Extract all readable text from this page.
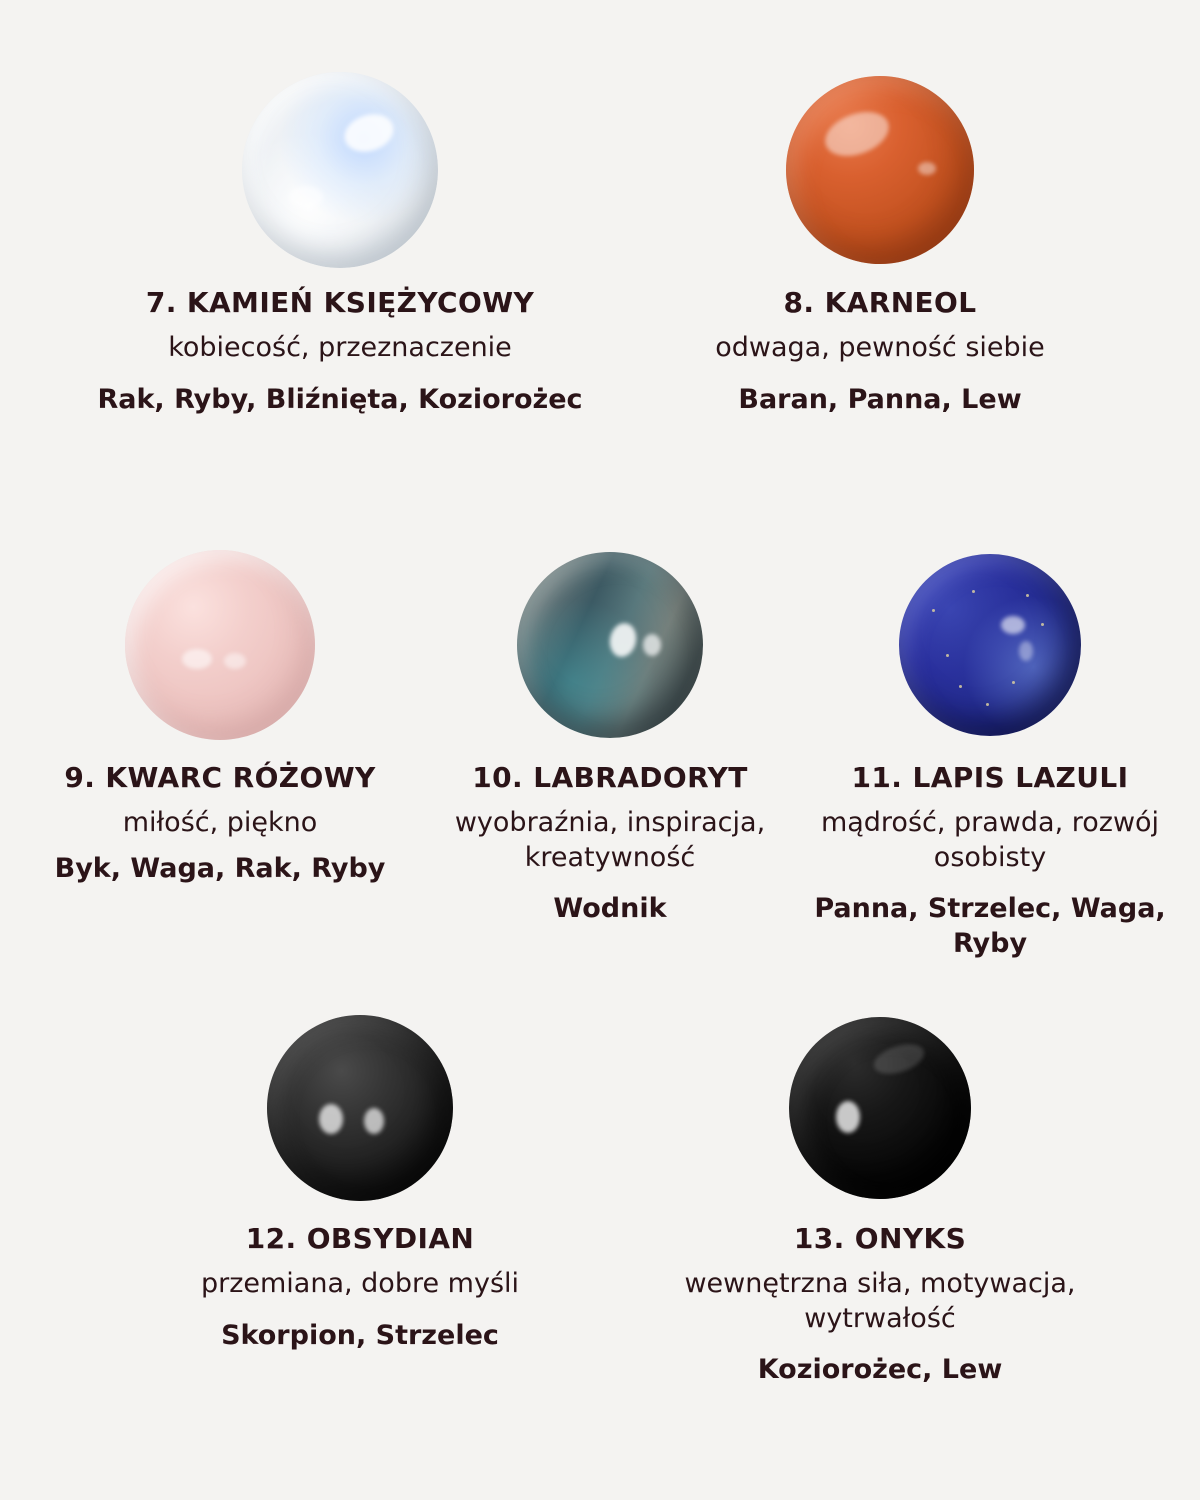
7. KAMIEŃ KSIĘŻYCOWY
kobiecość, przeznaczenie
Rak, Ryby, Bliźnięta, Koziorożec
8. KARNEOL
odwaga, pewność siebie
Baran, Panna, Lew
9. KWARC RÓŻOWY
miłość, piękno
Byk, Waga, Rak, Ryby
10. LABRADORYT
wyobraźnia, inspiracja, kreatywność
Wodnik
11. LAPIS LAZULI
mądrość, prawda, rozwój osobisty
Panna, Strzelec, Waga, Ryby
12. OBSYDIAN
przemiana, dobre myśli
Skorpion, Strzelec
13. ONYKS
wewnętrzna siła, motywacja, wytrwałość
Koziorożec, Lew
